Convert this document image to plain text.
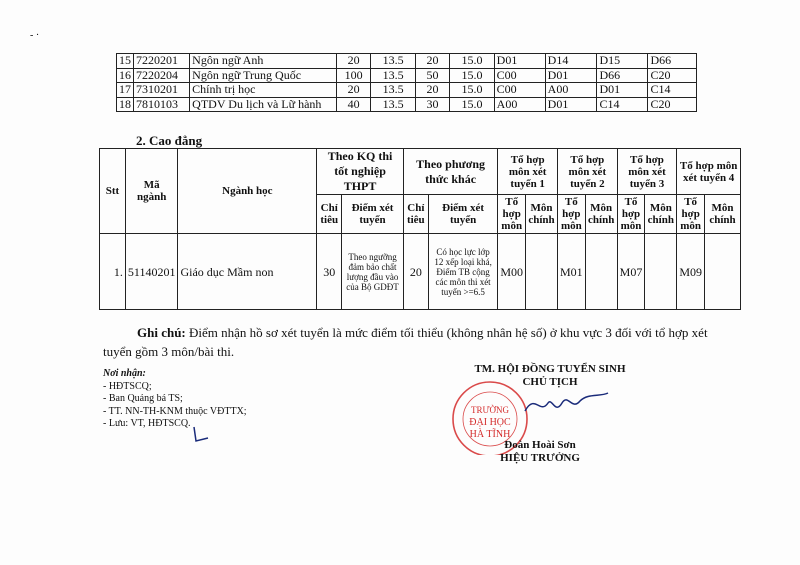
- ·
15	7220201	Ngôn ngữ Anh	20	13.5	20	15.0	D01	D14	D15	D66
16	7220204	Ngôn ngữ Trung Quốc	100	13.5	50	15.0	C00	D01	D66	C20
17	7310201	Chính trị học	20	13.5	20	15.0	C00	A00	D01	C14
18	7810103	QTDV Du lịch và Lữ hành	40	13.5	30	15.0	A00	D01	C14	C20
2. Cao đẳng
Stt	Mã ngành	Ngành học	Theo KQ thi tốt nghiệp THPT		Theo phương thức khác		Tổ hợp môn xét tuyển 1		Tổ hợp môn xét tuyển 2		Tổ hợp môn xét tuyển 3		Tổ hợp môn xét tuyển 4	
			Chỉ tiêu	Điểm xét tuyển	Chỉ tiêu	Điểm xét tuyển	Tổ hợp môn	Môn chính	Tổ hợp môn	Môn chính	Tổ hợp môn	Môn chính	Tổ hợp môn	Môn chính
1.	51140201	Giáo dục Mầm non	30	Theo ngưỡng đảm bảo chất lượng đầu vào của Bộ GDĐT	20	Có học lực lớp 12 xếp loại khá, Điểm TB cộng các môn thi xét tuyển >=6.5	M00		M01		M07		M09	
Ghi chú: Điểm nhận hồ sơ xét tuyển là mức điểm tối thiểu (không nhân hệ số) ở khu vực 3 đối với tổ hợp xét tuyển gồm 3 môn/bài thi.
Nơi nhận:
- HĐTSCQ;
- Ban Quảng bá TS;
- TT. NN-TH-KNM thuộc VĐTTX;
- Lưu: VT, HĐTSCQ.
TM. HỘI ĐỒNG TUYỂN SINH
CHỦ TỊCH
TRƯỜNG
ĐẠI HỌC
HÀ TĨNH
Đoàn Hoài Sơn
HIỆU TRƯỞNG
